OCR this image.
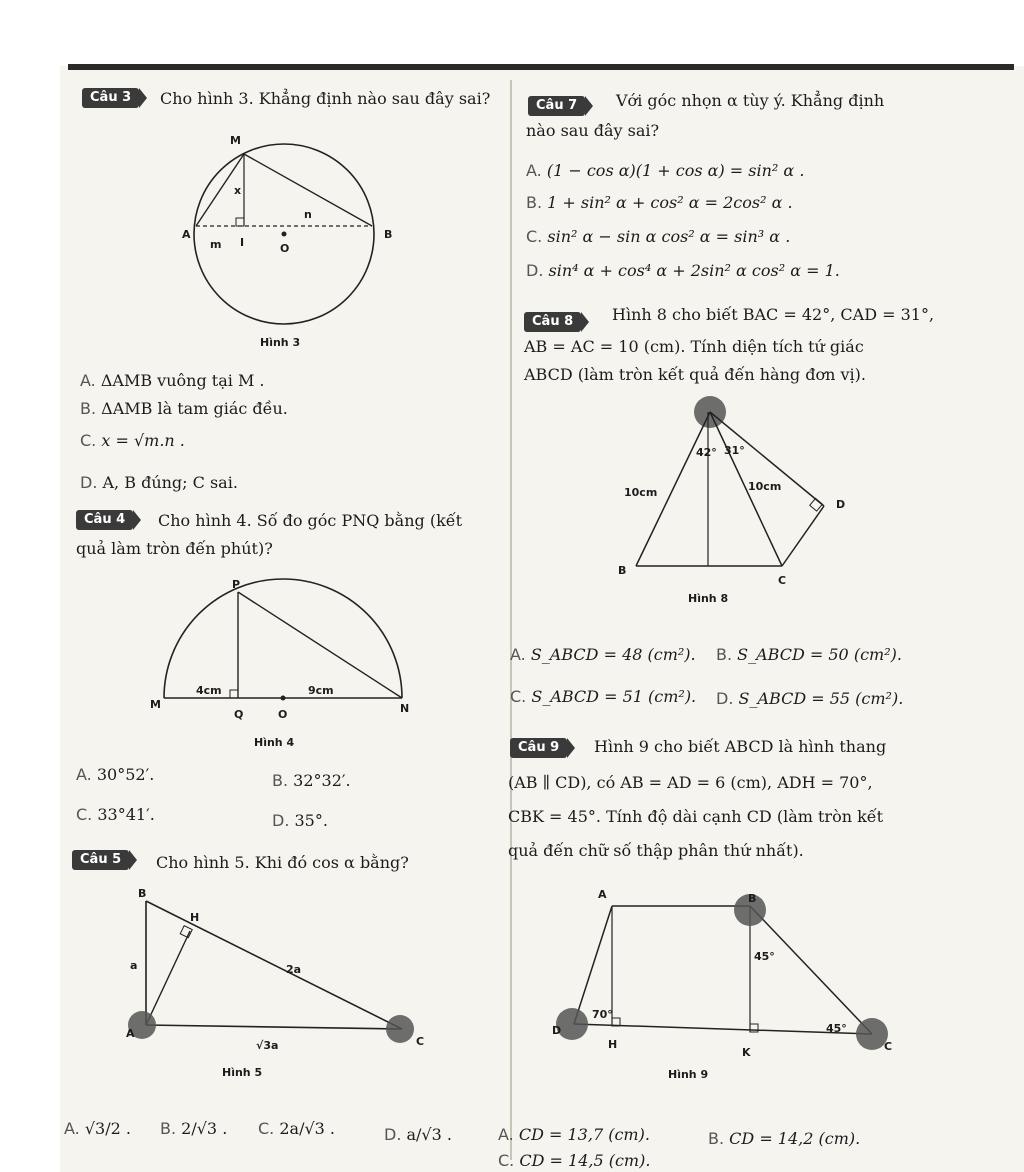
Câu 3	Cho hình 3. Khẳng định nào sau đây sai?
M
A	B
O
I
m
n
x
Hình 3
A. ΔAMB vuông tại M .
B. ΔAMB là tam giác đều.
C. x = √m.n .
D. A, B đúng; C sai.
Câu 4	Cho hình 4. Số đo góc PNQ bằng (kết
quả làm tròn đến phút)?
P
M	N
Q	O
4cm	9cm
Hình 4
A. 30°52′.	B. 32°32′.
C. 33°41′.	D. 35°.
Câu 5	Cho hình 5. Khi đó cos α bằng?
B
H
A
C
a	2a
√3a
Hình 5
A. √3/2 . B. 2/√3 . C. 2a/√3 .	D. a/√3 .
Câu 7	Với góc nhọn α tùy ý. Khẳng định
nào sau đây sai?
A. (1 − cos α)(1 + cos α) = sin² α .
B. 1 + sin² α + cos² α = 2cos² α .
C. sin² α − sin α cos² α = sin³ α .
D. sin⁴ α + cos⁴ α + 2sin² α cos² α = 1.
Câu 8	Hình 8 cho biết BAC = 42°, CAD = 31°,
AB = AC = 10 (cm). Tính diện tích tứ giác
ABCD (làm tròn kết quả đến hàng đơn vị).
B
C
D
42° 31°
10cm	10cm
Hình 8
A. S_ABCD = 48 (cm²). B. S_ABCD = 50 (cm²).
C. S_ABCD = 51 (cm²). D. S_ABCD = 55 (cm²).
Câu 9	Hình 9 cho biết ABCD là hình thang
(AB ∥ CD), có AB = AD = 6 (cm), ADH = 70°,
CBK = 45°. Tính độ dài cạnh CD (làm tròn kết
quả đến chữ số thập phân thứ nhất).
A	B
C
D
H
K
45°
70°
45°
Hình 9
A. CD = 13,7 (cm).	B. CD = 14,2 (cm).
C. CD = 14,5 (cm).
